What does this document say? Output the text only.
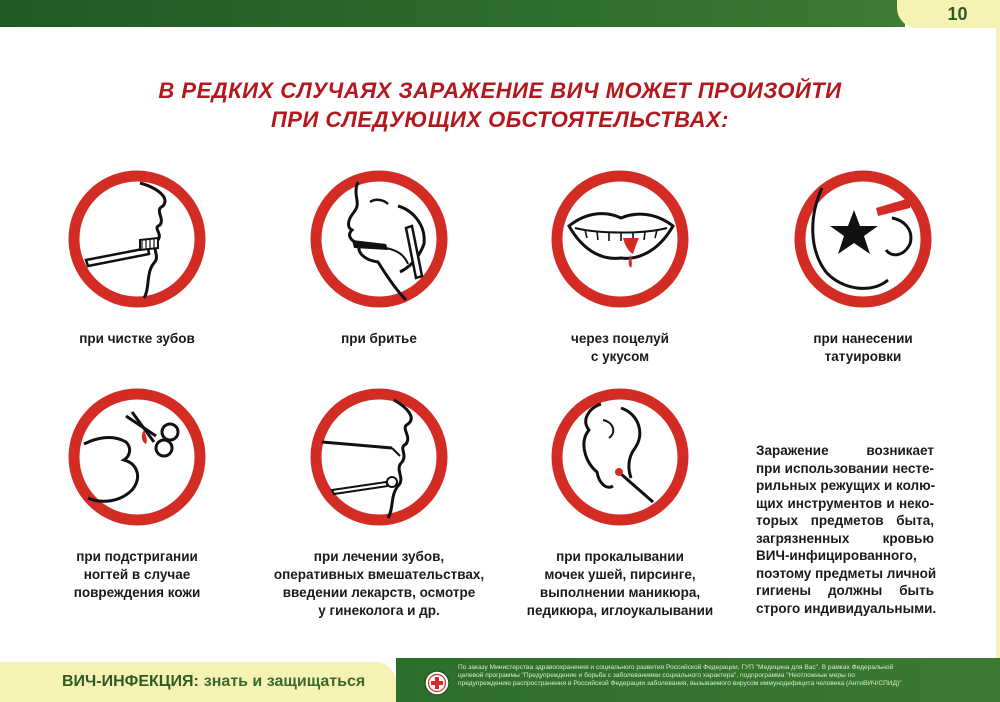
10
В РЕДКИХ СЛУЧАЯХ ЗАРАЖЕНИЕ ВИЧ МОЖЕТ ПРОИЗОЙТИ
ПРИ СЛЕДУЮЩИХ ОБСТОЯТЕЛЬСТВАХ:
при чистке зубов	при бритье	через поцелуй
с укусом
при нанесении
татуировки
при подстригании
ногтей в случае
повреждения кожи
при лечении зубов,
оперативных вмешательствах,
введении лекарств, осмотре
у гинеколога и др.
при прокалывании
мочек ушей, пирсинге,
выполнении маникюра,
педикюра, иглоукалывании
Заражение возникает
при использовании несте-
рильных режущих и колю-
щих инструментов и неко-
торых предметов быта,
загрязненных кровью
ВИЧ-инфицированного,
поэтому предметы личной
гигиены должны быть
строго индивидуальными.
ВИЧ-ИНФЕКЦИЯ: знать и защищаться
По заказу Министерства здравоохранения и социального развития Российской Федерации, ГУП "Медицина для Вас". В рамках Федеральной
целевой программы "Предупреждение и борьба с заболеваниями социального характера", подпрограмма "Неотложные меры по
предупреждению распространения в Российской Федерации заболевания, вызываемого вирусом иммунодефицита человека (АнтиВИЧ/СПИД)"
